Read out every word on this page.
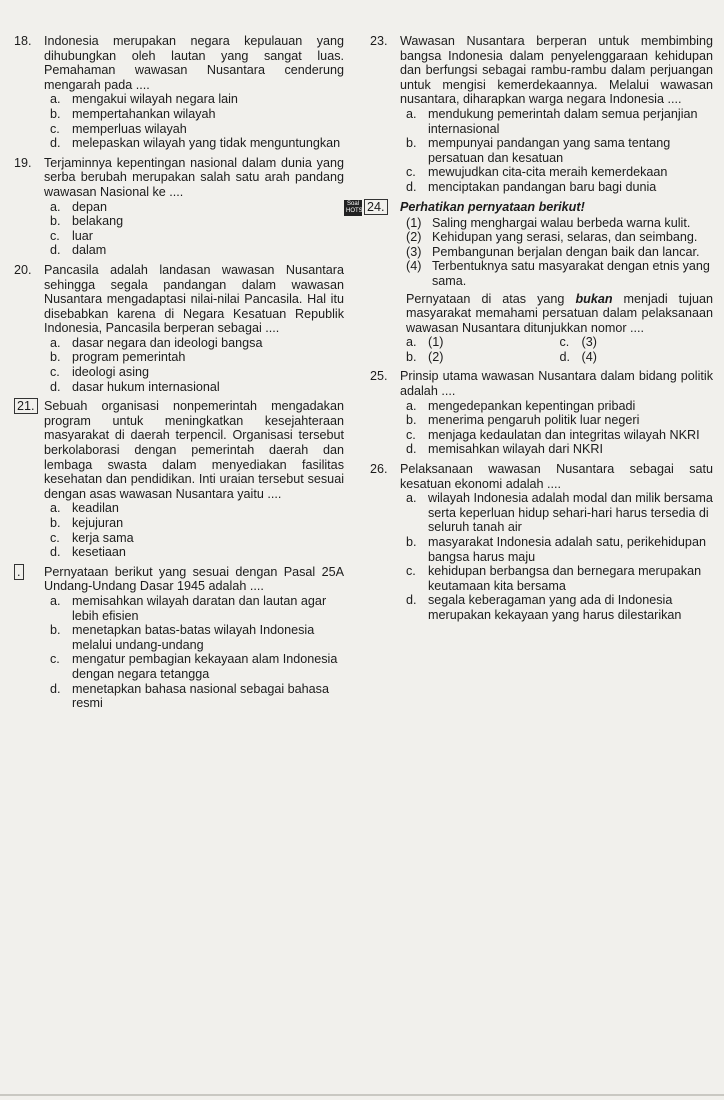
18. Indonesia merupakan negara kepulauan yang dihubungkan oleh lautan yang sangat luas. Pemahaman wawasan Nusantara cenderung mengarah pada ....
a. mengakui wilayah negara lain
b. mempertahankan wilayah
c. memperluas wilayah
d. melepaskan wilayah yang tidak menguntungkan
19. Terjaminnya kepentingan nasional dalam dunia yang serba berubah merupakan salah satu arah pandang wawasan Nasional ke ....
a. depan
b. belakang
c. luar
d. dalam
20. Pancasila adalah landasan wawasan Nusantara sehingga segala pandangan dalam wawasan Nusantara mengadaptasi nilai-nilai Pancasila. Hal itu disebabkan karena di Negara Kesatuan Republik Indonesia, Pancasila berperan sebagai ....
a. dasar negara dan ideologi bangsa
b. program pemerintah
c. ideologi asing
d. dasar hukum internasional
21. Sebuah organisasi nonpemerintah mengadakan program untuk meningkatkan kesejahteraan masyarakat di daerah terpencil. Organisasi tersebut berkolaborasi dengan pemerintah daerah dan lembaga swasta dalam menyediakan fasilitas kesehatan dan pendidikan. Inti uraian tersebut sesuai dengan asas wawasan Nusantara yaitu ....
a. keadilan
b. kejujuran
c. kerja sama
d. kesetiaan
.	Pernyataan berikut yang sesuai dengan Pasal 25A Undang-Undang Dasar 1945 adalah ....
a. memisahkan wilayah daratan dan lautan agar lebih efisien
b. menetapkan batas-batas wilayah Indonesia melalui undang-undang
c. mengatur pembagian kekayaan alam Indonesia dengan negara tetangga
d. menetapkan bahasa nasional sebagai bahasa resmi
23. Wawasan Nusantara berperan untuk membimbing bangsa Indonesia dalam penyelenggaraan kehidupan dan berfungsi sebagai rambu-rambu dalam perjuangan untuk mengisi kemerdekaannya. Melalui wawasan nusantara, diharapkan warga negara Indonesia ....
a. mendukung pemerintah dalam semua perjanjian internasional
b. mempunyai pandangan yang sama tentang persatuan dan kesatuan
c. mewujudkan cita-cita meraih kemerdekaan
d. menciptakan pandangan baru bagi dunia
Soal
HOTS 24.	Perhatikan pernyataan berikut!
(1) Saling menghargai walau berbeda warna kulit.
(2) Kehidupan yang serasi, selaras, dan seimbang.
(3) Pembangunan berjalan dengan baik dan lancar.
(4) Terbentuknya satu masyarakat dengan etnis yang sama.
Pernyataan di atas yang bukan menjadi tujuan masyarakat memahami persatuan dalam pelaksanaan wawasan Nusantara ditunjukkan nomor ....
a. (1)	c. (3)
b. (2)	d. (4)
25. Prinsip utama wawasan Nusantara dalam bidang politik adalah ....
a. mengedepankan kepentingan pribadi
b. menerima pengaruh politik luar negeri
c. menjaga kedaulatan dan integritas wilayah NKRI
d. memisahkan wilayah dari NKRI
26. Pelaksanaan wawasan Nusantara sebagai satu kesatuan ekonomi adalah ....
a. wilayah Indonesia adalah modal dan milik bersama serta keperluan hidup sehari-hari harus tersedia di seluruh tanah air
b. masyarakat Indonesia adalah satu, perikehidupan bangsa harus maju
c. kehidupan berbangsa dan bernegara merupakan keutamaan kita bersama
d. segala keberagaman yang ada di Indonesia merupakan kekayaan yang harus dilestarikan
